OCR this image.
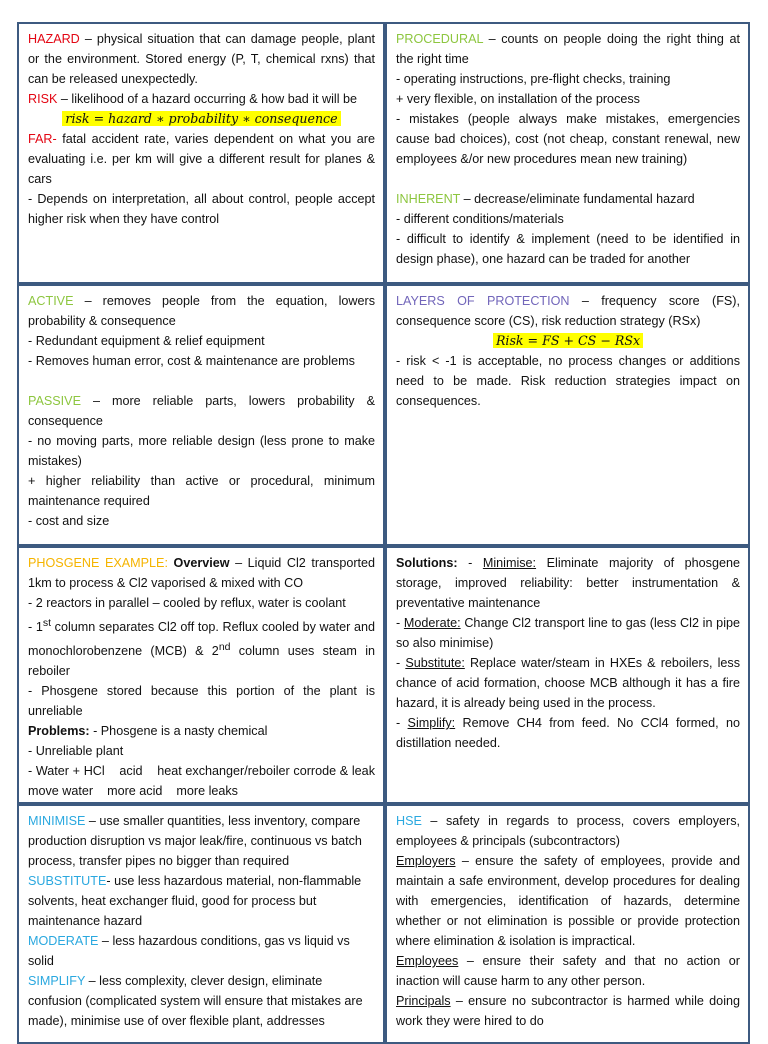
HAZARD – physical situation that can damage people, plant or the environment. Stored energy (P, T, chemical rxns) that can be released unexpectedly.
RISK – likelihood of a hazard occurring & how bad it will be
risk = hazard ∗ probability ∗ consequence
FAR- fatal accident rate, varies dependent on what you are evaluating i.e. per km will give a different result for planes & cars
- Depends on interpretation, all about control, people accept higher risk when they have control
PROCEDURAL – counts on people doing the right thing at the right time
- operating instructions, pre-flight checks, training
+ very flexible, on installation of the process
- mistakes (people always make mistakes, emergencies cause bad choices), cost (not cheap, constant renewal, new employees &/or new procedures mean new training)
INHERENT – decrease/eliminate fundamental hazard
- different conditions/materials
- difficult to identify & implement (need to be identified in design phase), one hazard can be traded for another
ACTIVE – removes people from the equation, lowers probability & consequence
- Redundant equipment & relief equipment
- Removes human error, cost & maintenance are problems
PASSIVE – more reliable parts, lowers probability & consequence
- no moving parts, more reliable design (less prone to make mistakes)
+ higher reliability than active or procedural, minimum maintenance required
- cost and size
LAYERS OF PROTECTION – frequency score (FS), consequence score (CS), risk reduction strategy (RSx)
Risk = FS + CS − RSx
- risk < -1 is acceptable, no process changes or additions need to be made. Risk reduction strategies impact on consequences.
PHOSGENE EXAMPLE: Overview – Liquid Cl2 transported 1km to process & Cl2 vaporised & mixed with CO
- 2 reactors in parallel – cooled by reflux, water is coolant
- 1st column separates Cl2 off top. Reflux cooled by water and monochlorobenzene (MCB) & 2nd column uses steam in reboiler
- Phosgene stored because this portion of the plant is unreliable
Problems: - Phosgene is a nasty chemical
- Unreliable plant
- Water + HCl    acid    heat exchanger/reboiler corrode & leak    move water    more acid    more leaks
Solutions: - Minimise: Eliminate majority of phosgene storage, improved reliability: better instrumentation & preventative maintenance
- Moderate: Change Cl2 transport line to gas (less Cl2 in pipe so also minimise)
- Substitute: Replace water/steam in HXEs & reboilers, less chance of acid formation, choose MCB although it has a fire hazard, it is already being used in the process.
- Simplify: Remove CH4 from feed. No CCl4 formed, no distillation needed.
MINIMISE – use smaller quantities, less inventory, compare production disruption vs major leak/fire, continuous vs batch process, transfer pipes no bigger than required
SUBSTITUTE- use less hazardous material, non-flammable solvents, heat exchanger fluid, good for process but maintenance hazard
MODERATE – less hazardous conditions, gas vs liquid vs solid
SIMPLIFY – less complexity, clever design, eliminate confusion (complicated system will ensure that mistakes are made), minimise use of over flexible plant, addresses
HSE – safety in regards to process, covers employers, employees & principals (subcontractors)
Employers – ensure the safety of employees, provide and maintain a safe environment, develop procedures for dealing with emergencies, identification of hazards, determine whether or not elimination is possible or provide protection where elimination & isolation is impractical.
Employees – ensure their safety and that no action or inaction will cause harm to any other person.
Principals – ensure no subcontractor is harmed while doing work they were hired to do
